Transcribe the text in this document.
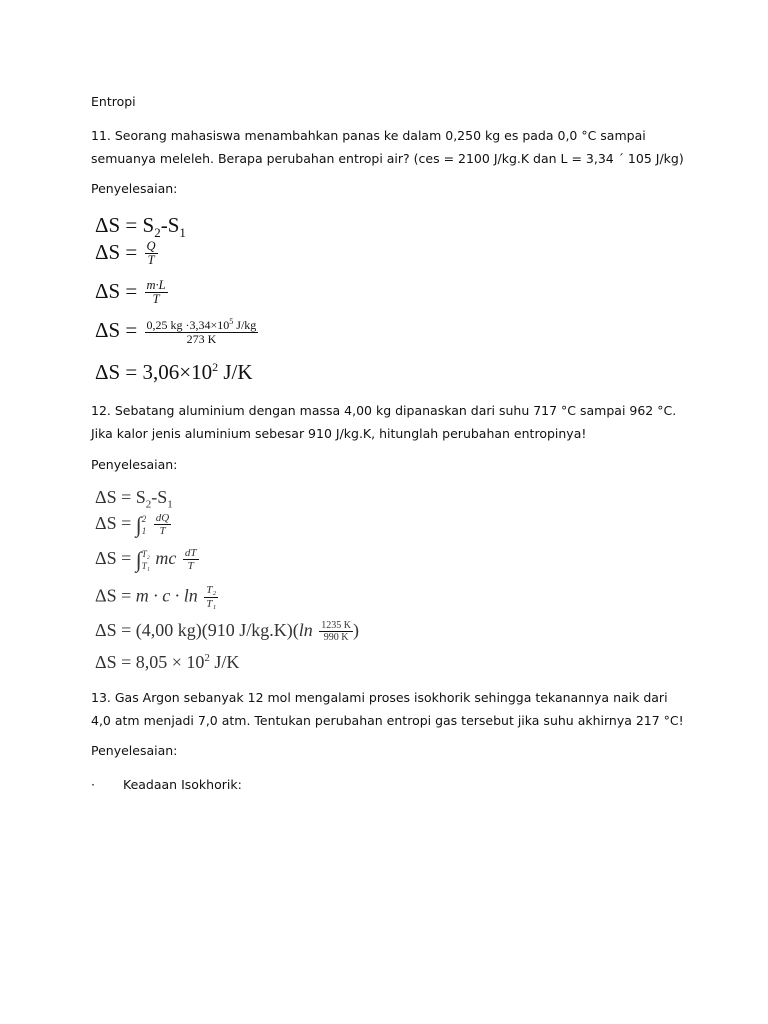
Entropi

11. Seorang mahasiswa menambahkan panas ke dalam 0,250 kg es pada 0,0 °C sampai semuanya meleleh. Berapa perubahan entropi air? (ces = 2100 J/kg.K dan L = 3,34 ´ 105 J/kg)

Penyelesaian:

$\Delta S = S_2-S_1$
$\Delta S = \frac{Q}{T}$
$\Delta S = \frac{m\cdot L}{T}$
$\Delta S = \frac{0,25 kg \cdot 3,34\times 10^5 J/kg}{273 K}$
$\Delta S = 3,06\times 10^2$ J/K

12. Sebatang aluminium dengan massa 4,00 kg dipanaskan dari suhu 717 °C sampai 962 °C. Jika kalor jenis aluminium sebesar 910 J/kg.K, hitunglah perubahan entropinya!

Penyelesaian:

$\Delta S = S_2-S_1$
ΔS = ∫ 2
1
$\frac{dQ}{T}$
ΔS = ∫ T₂
T₁ mc $\frac{dT}{T}$
$\Delta S = m \cdot c \cdot \ln \frac{\text{T₂}}{\text{T₁}}$
ΔS = (4,00 kg)(910 $J/kg.K)(\ln \frac{1235 K}{990 K}$ )
$\Delta S = 8,05 \times 10^2$ J/K

13. Gas Argon sebanyak 12 mol mengalami proses isokhorik sehingga tekanannya naik dari 4,0 atm menjadi 7,0 atm. Tentukan perubahan entropi gas tersebut jika suhu akhirnya 217 °C!

Penyelesaian:

· Keadaan Isokhorik:
